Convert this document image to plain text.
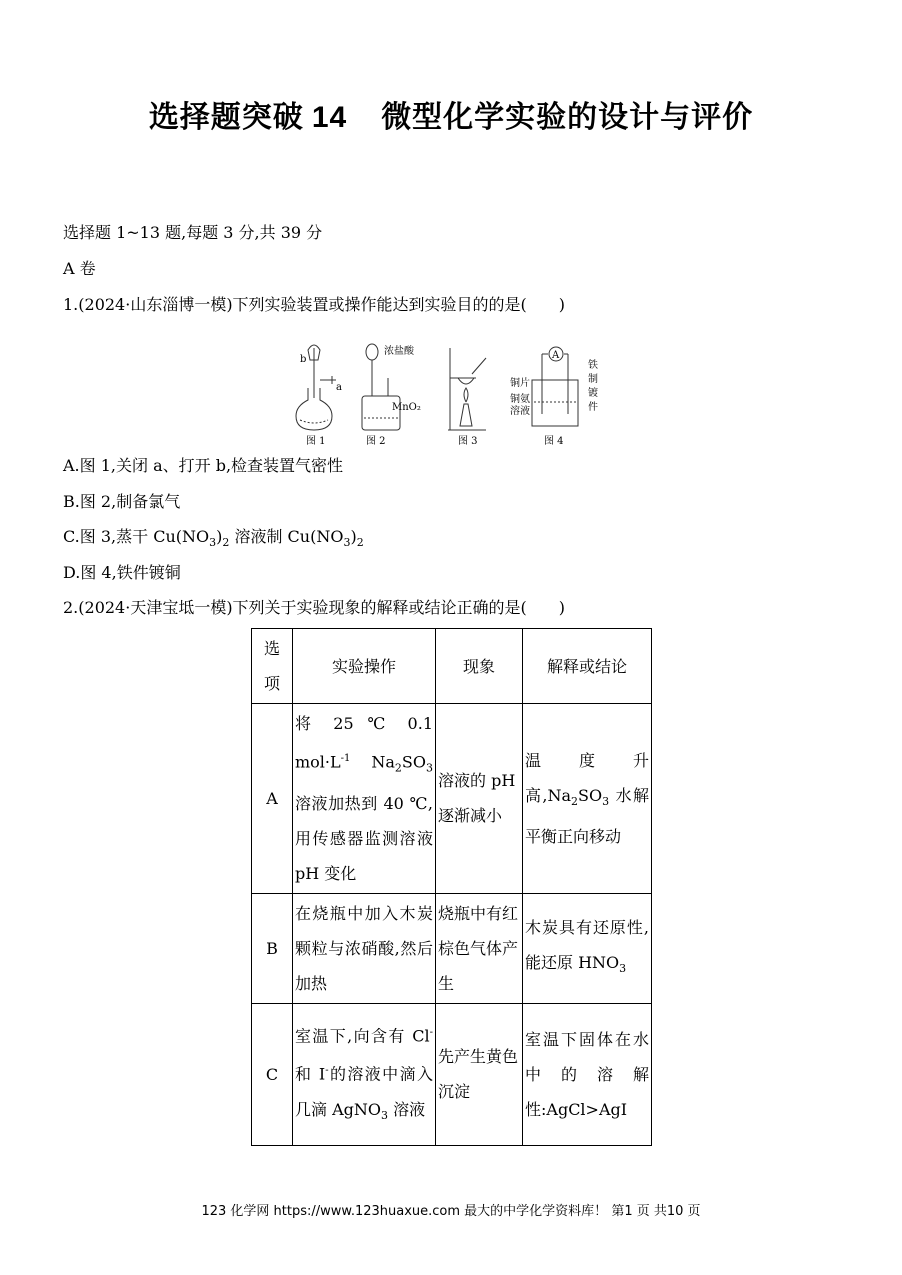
选择题突破 14 微型化学实验的设计与评价
选择题 1~13 题,每题 3 分,共 39 分
A 卷
1.(2024·山东淄博一模)下列实验装置或操作能达到实验目的的是(　　)
b
a
浓盐酸
MnO₂
A
铜片
铜氨
溶液
铁
制
镀
件
图 1	图 2	图 3	图 4
A.图 1,关闭 a、打开 b,检查装置气密性
B.图 2,制备氯气
C.图 3,蒸干 $Cu(NO_3)_2$ 溶液制 $Cu(NO_3)_2$
D.图 4,铁件镀铜
2.(2024·天津宝坻一模)下列关于实验现象的解释或结论正确的是(　　)
选
项	实验操作	现象	解释或结论
A	将 25 ℃ 0.1 $mol\cdot L^{-1}$ $Na_2SO_3$ 溶液加热到 40 ℃,用传感器监测溶液 pH 变化	溶液的 pH 逐渐减小	温度升高$,Na_2SO_3$ 水解平衡正向移动
B	在烧瓶中加入木炭颗粒与浓硝酸,然后加热	烧瓶中有红棕色气体产生	木炭具有还原性,能还原 $HNO_3$
C	室温下,向含有 Cl-和 I-的溶液中滴入几滴 AgNO$_3$ 溶液	先产生黄色沉淀	室温下固体在水中的溶解性:AgCl>AgI
123 化学网 https://www.123huaxue.com 最大的中学化学资料库！ 第1 页 共10 页
